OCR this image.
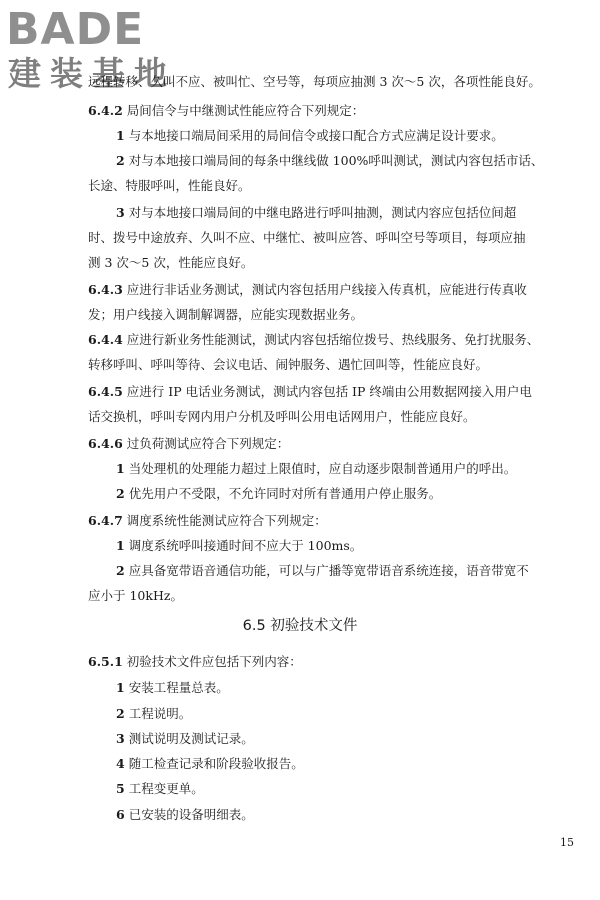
BADE
建装基地
远程转移、久叫不应、被叫忙、空号等，每项应抽测 3 次～5 次，各项性能良好。
6.4.2 局间信令与中继测试性能应符合下列规定：
1 与本地接口端局间采用的局间信令或接口配合方式应满足设计要求。
2 对与本地接口端局间的每条中继线做 100%呼叫测试，测试内容包括市话、
长途、特服呼叫，性能良好。
3 对与本地接口端局间的中继电路进行呼叫抽测，测试内容应包括位间超
时、拨号中途放弃、久叫不应、中继忙、被叫应答、呼叫空号等项目，每项应抽
测 3 次～5 次，性能应良好。
6.4.3 应进行非话业务测试，测试内容包括用户线接入传真机，应能进行传真收
发；用户线接入调制解调器，应能实现数据业务。
6.4.4 应进行新业务性能测试，测试内容包括缩位拨号、热线服务、免打扰服务、
转移呼叫、呼叫等待、会议电话、闹钟服务、遇忙回叫等，性能应良好。
6.4.5 应进行 IP 电话业务测试，测试内容包括 IP 终端由公用数据网接入用户电
话交换机，呼叫专网内用户分机及呼叫公用电话网用户，性能应良好。
6.4.6 过负荷测试应符合下列规定：
1 当处理机的处理能力超过上限值时，应自动逐步限制普通用户的呼出。
2 优先用户不受限，不允许同时对所有普通用户停止服务。
6.4.7 调度系统性能测试应符合下列规定：
1 调度系统呼叫接通时间不应大于 100ms。
2 应具备宽带语音通信功能，可以与广播等宽带语音系统连接，语音带宽不
应小于 10kHz。
6.5 初验技术文件
6.5.1 初验技术文件应包括下列内容：
1 安装工程量总表。
2 工程说明。
3 测试说明及测试记录。
4 随工检查记录和阶段验收报告。
5 工程变更单。
6 已安装的设备明细表。
15
